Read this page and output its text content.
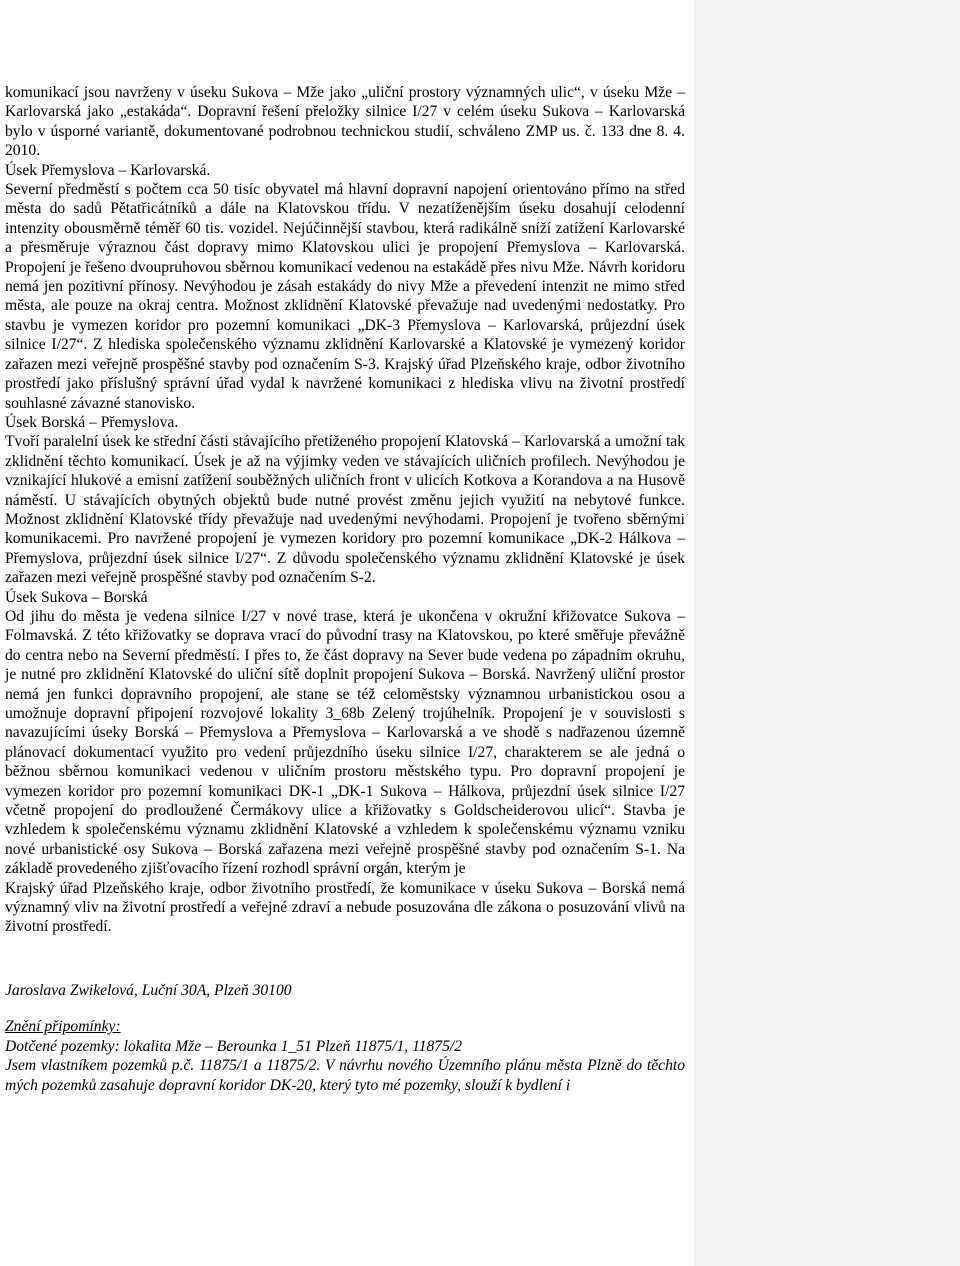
komunikací jsou navrženy v úseku Sukova – Mže jako „uliční prostory významných ulic“, v úseku Mže – Karlovarská jako „estakáda“. Dopravní řešení přeložky silnice I/27 v celém úseku Sukova – Karlovarská bylo v úsporné variantě, dokumentované podrobnou technickou studií, schváleno ZMP us. č. 133 dne 8. 4. 2010.

Úsek Přemyslova – Karlovarská.

Severní předměstí s počtem cca 50 tisíc obyvatel má hlavní dopravní napojení orientováno přímo na střed města do sadů Pětatřicátníků a dále na Klatovskou třídu. V nezatíženějším úseku dosahují celodenní intenzity obousměrně téměř 60 tis. vozidel. Nejúčinnější stavbou, která radikálně sníží zatížení Karlovarské a přesměruje výraznou část dopravy mimo Klatovskou ulici je propojení Přemyslova – Karlovarská. Propojení je řešeno dvoupruhovou sběrnou komunikací vedenou na estakádě přes nivu Mže. Návrh koridoru nemá jen pozitivní přínosy. Nevýhodou je zásah estakády do nivy Mže a převedení intenzit ne mimo střed města, ale pouze na okraj centra. Možnost zklidnění Klatovské převažuje nad uvedenými nedostatky. Pro stavbu je vymezen koridor pro pozemní komunikaci „DK-3 Přemyslova – Karlovarská, průjezdní úsek silnice I/27“. Z hlediska společenského významu zklidnění Karlovarské a Klatovské je vymezený koridor zařazen mezi veřejně prospěšné stavby pod označením S-3. Krajský úřad Plzeňského kraje, odbor životního prostředí jako příslušný správní úřad vydal k navržené komunikaci z hlediska vlivu na životní prostředí souhlasné závazné stanovisko.

Úsek Borská – Přemyslova.

Tvoří paralelní úsek ke střední části stávajícího přetíženého propojení Klatovská – Karlovarská a umožní tak zklidnění těchto komunikací. Úsek je až na výjimky veden ve stávajících uličních profilech. Nevýhodou je vznikající hlukové a emisní zatížení souběžných uličních front v ulicích Kotkova a Korandova a na Husově náměstí. U stávajících obytných objektů bude nutné provést změnu jejich využití na nebytové funkce. Možnost zklidnění Klatovské třídy převažuje nad uvedenými nevýhodami. Propojení je tvořeno sběrnými komunikacemi. Pro navržené propojení je vymezen koridory pro pozemní komunikace „DK-2 Hálkova – Přemyslova, průjezdní úsek silnice I/27“. Z důvodu společenského významu zklidnění Klatovské je úsek zařazen mezi veřejně prospěšné stavby pod označením S-2.

Úsek Sukova – Borská

Od jihu do města je vedena silnice I/27 v nové trase, která je ukončena v okružní křižovatce Sukova – Folmavská. Z této křižovatky se doprava vrací do původní trasy na Klatovskou, po které směřuje převážně do centra nebo na Severní předměstí. I přes to, že část dopravy na Sever bude vedena po západním okruhu, je nutné pro zklidnění Klatovské do uliční sítě doplnit propojení Sukova – Borská. Navržený uliční prostor nemá jen funkci dopravního propojení, ale stane se též celoměstsky významnou urbanistickou osou a umožnuje dopravní připojení rozvojové lokality 3_68b Zelený trojúhelník. Propojení je v souvislosti s navazujícími úseky Borská – Přemyslova a Přemyslova – Karlovarská a ve shodě s nadřazenou územně plánovací dokumentací využito pro vedení průjezdního úseku silnice I/27, charakterem se ale jedná o běžnou sběrnou komunikaci vedenou v uličním prostoru městského typu. Pro dopravní propojení je vymezen koridor pro pozemní komunikaci DK-1 „DK-1 Sukova – Hálkova, průjezdní úsek silnice I/27 včetně propojení do prodloužené Čermákovy ulice a křižovatky s Goldscheiderovou ulicí“. Stavba je vzhledem k společenskému významu zklidnění Klatovské a vzhledem k společenskému významu vzniku nové urbanistické osy Sukova – Borská zařazena mezi veřejně prospěšné stavby pod označením S-1. Na základě provedeného zjišťovacího řízení rozhodl správní orgán, kterým je

Krajský úřad Plzeňského kraje, odbor životního prostředí, že komunikace v úseku Sukova – Borská nemá významný vliv na životní prostředí a veřejné zdraví a nebude posuzována dle zákona o posuzování vlivů na životní prostředí.

Jaroslava Zwikelová, Luční 30A, Plzeň 30100

Znění připomínky:

Dotčené pozemky: lokalita Mže – Berounka 1_51 Plzeň 11875/1, 11875/2

Jsem vlastníkem pozemků p.č. 11875/1 a 11875/2. V návrhu nového Územního plánu města Plzně do těchto mých pozemků zasahuje dopravní koridor DK-20, který tyto mé pozemky, slouží k bydlení i
